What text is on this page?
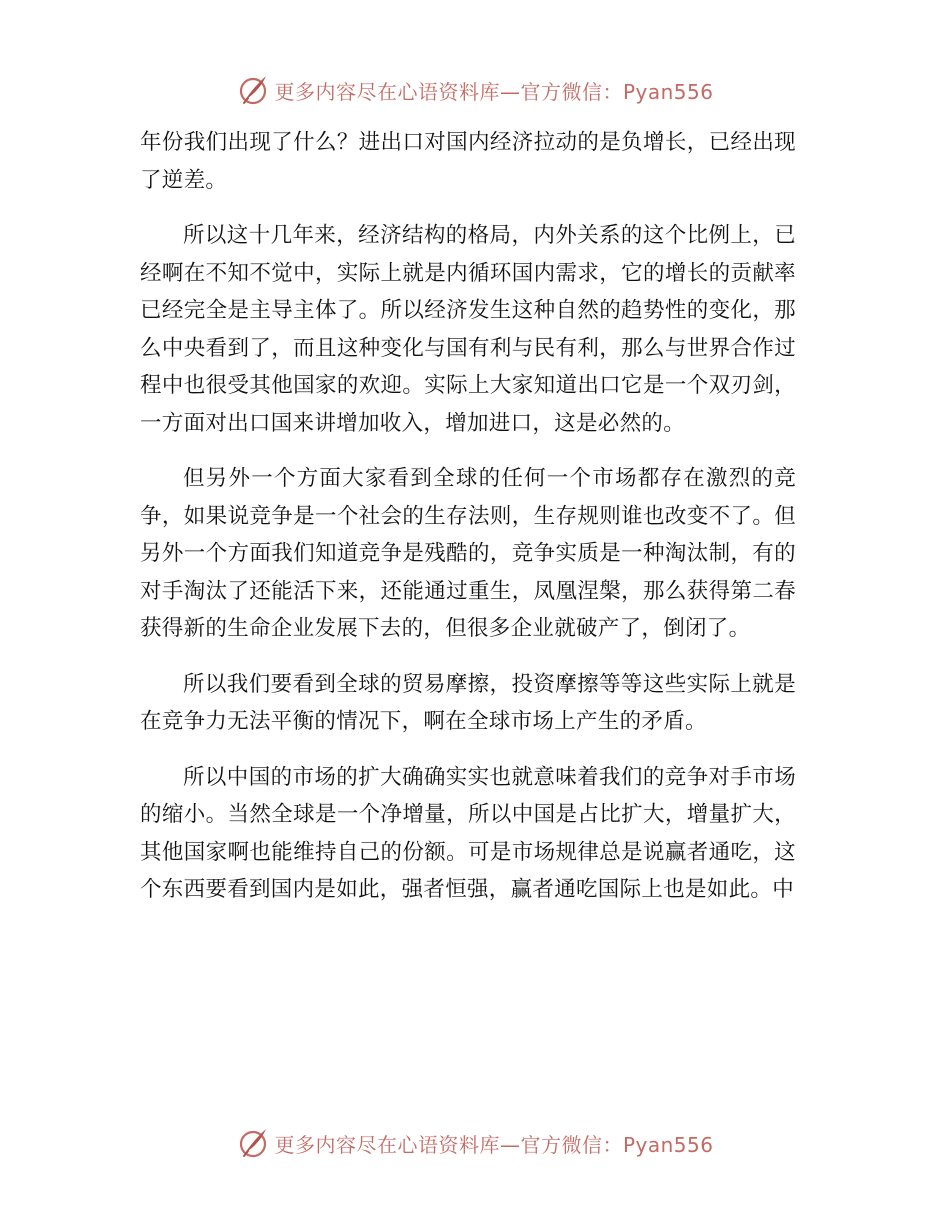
更多内容尽在心语资料库—官方微信：Pyan556

年份我们出现了什么？进出口对国内经济拉动的是负增长，已经出现了逆差。

所以这十几年来，经济结构的格局，内外关系的这个比例上，已经啊在不知不觉中，实际上就是内循环国内需求，它的增长的贡献率已经完全是主导主体了。所以经济发生这种自然的趋势性的变化，那么中央看到了，而且这种变化与国有利与民有利，那么与世界合作过程中也很受其他国家的欢迎。实际上大家知道出口它是一个双刃剑，一方面对出口国来讲增加收入，增加进口，这是必然的。

但另外一个方面大家看到全球的任何一个市场都存在激烈的竞争，如果说竞争是一个社会的生存法则，生存规则谁也改变不了。但另外一个方面我们知道竞争是残酷的，竞争实质是一种淘汰制，有的对手淘汰了还能活下来，还能通过重生，凤凰涅槃，那么获得第二春获得新的生命企业发展下去的，但很多企业就破产了，倒闭了。

所以我们要看到全球的贸易摩擦，投资摩擦等等这些实际上就是在竞争力无法平衡的情况下，啊在全球市场上产生的矛盾。

所以中国的市场的扩大确确实实也就意味着我们的竞争对手市场的缩小。当然全球是一个净增量，所以中国是占比扩大，增量扩大，其他国家啊也能维持自己的份额。可是市场规律总是说赢者通吃，这个东西要看到国内是如此，强者恒强，赢者通吃国际上也是如此。中

更多内容尽在心语资料库—官方微信：Pyan556
